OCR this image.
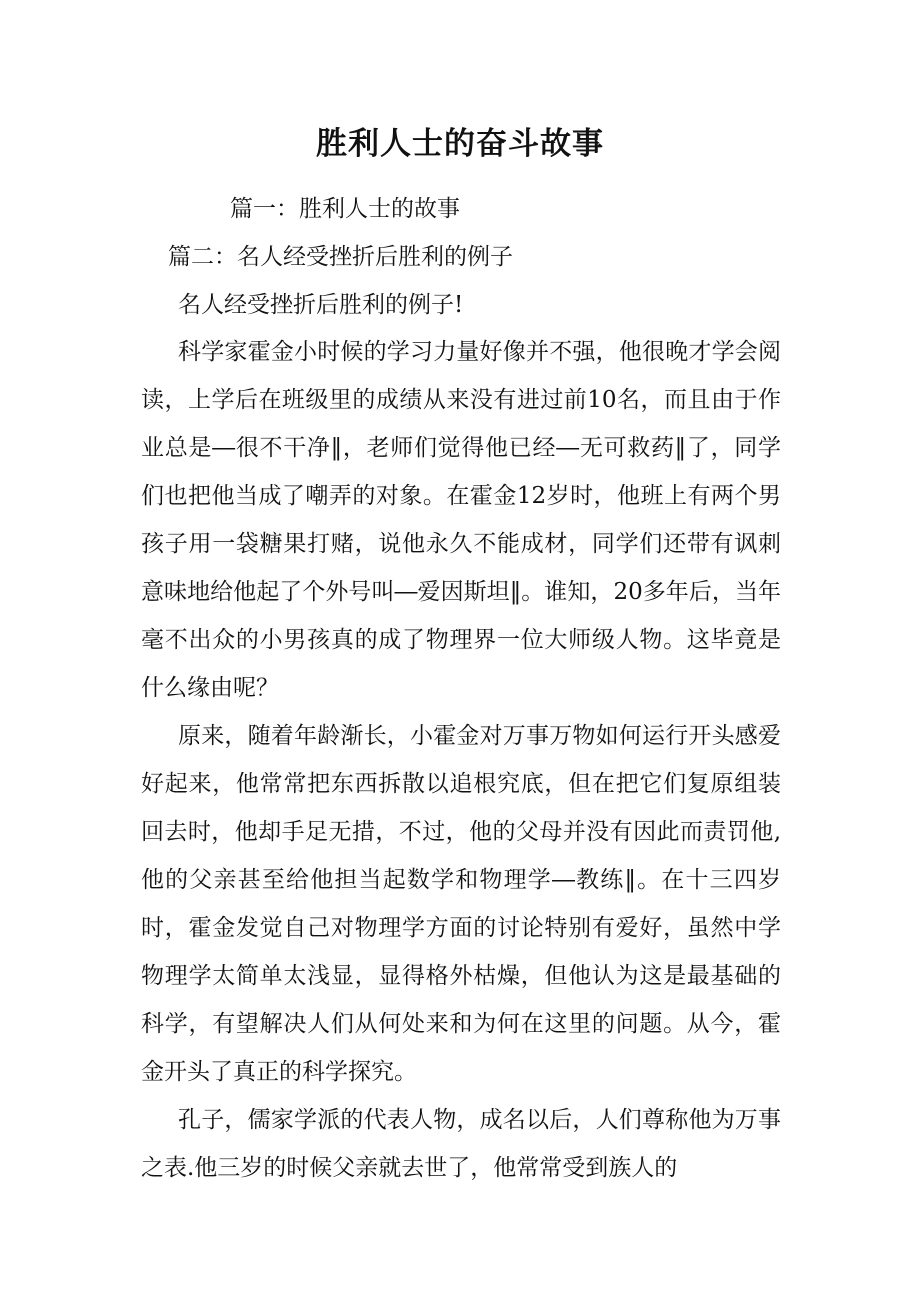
胜利人士的奋斗故事
篇一：胜利人士的故事
篇二：名人经受挫折后胜利的例子
名人经受挫折后胜利的例子!

科学家霍金小时候的学习力量好像并不强，他很晚才学会阅读，上学后在班级里的成绩从来没有进过前10名，而且由于作业总是―很不干净‖，老师们觉得他已经―无可救药‖了，同学们也把他当成了嘲弄的对象。在霍金12岁时，他班上有两个男孩子用一袋糖果打赌，说他永久不能成材，同学们还带有讽刺意味地给他起了个外号叫―爱因斯坦‖。谁知，20多年后，当年毫不出众的小男孩真的成了物理界一位大师级人物。这毕竟是什么缘由呢？

原来，随着年龄渐长，小霍金对万事万物如何运行开头感爱好起来，他常常把东西拆散以追根究底，但在把它们复原组装回去时，他却手足无措，不过，他的父母并没有因此而责罚他,他的父亲甚至给他担当起数学和物理学―教练‖。在十三四岁时，霍金发觉自己对物理学方面的讨论特别有爱好，虽然中学物理学太简单太浅显，显得格外枯燥，但他认为这是最基础的科学，有望解决人们从何处来和为何在这里的问题。从今，霍金开头了真正的科学探究。

孔子，儒家学派的代表人物，成名以后，人们尊称他为万事之表.他三岁的时候父亲就去世了，他常常受到族人的
